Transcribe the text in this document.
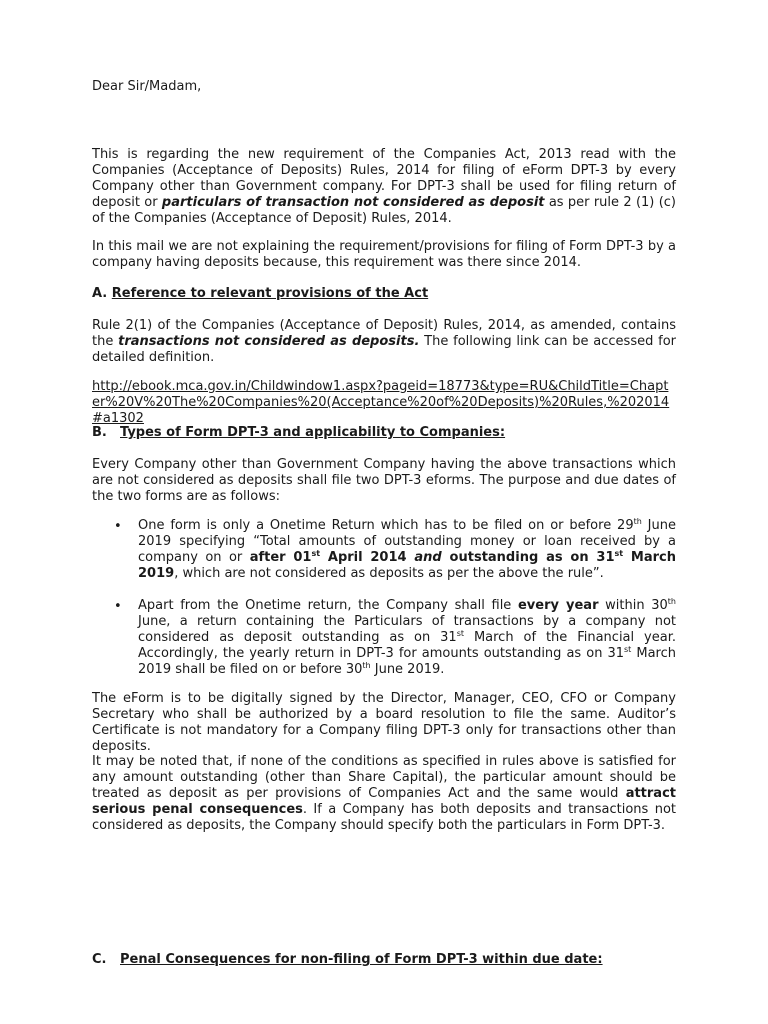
Dear Sir/Madam,

This is regarding the new requirement of the Companies Act, 2013 read with the Companies (Acceptance of Deposits) Rules, 2014 for filing of eForm DPT-3 by every Company other than Government company. For DPT-3 shall be used for filing return of deposit or particulars of transaction not considered as deposit as per rule 2 (1) (c) of the Companies (Acceptance of Deposit) Rules, 2014.

In this mail we are not explaining the requirement/provisions for filing of Form DPT-3 by a company having deposits because, this requirement was there since 2014.

A. Reference to relevant provisions of the Act

Rule 2(1) of the Companies (Acceptance of Deposit) Rules, 2014, as amended, contains the transactions not considered as deposits. The following link can be accessed for detailed definition.

http://ebook.mca.gov.in/Childwindow1.aspx?pageid=18773&type=RU&ChildTitle=Chapter%20V%20The%20Companies%20(Acceptance%20of%20Deposits)%20Rules,%202014#a1302

B. Types of Form DPT-3 and applicability to Companies:

Every Company other than Government Company having the above transactions which are not considered as deposits shall file two DPT-3 eforms. The purpose and due dates of the two forms are as follows:

• One form is only a Onetime Return which has to be filed on or before 29th June 2019 specifying “Total amounts of outstanding money or loan received by a company on or after 01st April 2014 and outstanding as on 31st March 2019, which are not considered as deposits as per the above the rule”.

• Apart from the Onetime return, the Company shall file every year within 30th June, a return containing the Particulars of transactions by a company not considered as deposit outstanding as on 31st March of the Financial year. Accordingly, the yearly return in DPT-3 for amounts outstanding as on 31st March 2019 shall be filed on or before 30th June 2019.

The eForm is to be digitally signed by the Director, Manager, CEO, CFO or Company Secretary who shall be authorized by a board resolution to file the same. Auditor’s Certificate is not mandatory for a Company filing DPT-3 only for transactions other than deposits.

It may be noted that, if none of the conditions as specified in rules above is satisfied for any amount outstanding (other than Share Capital), the particular amount should be treated as deposit as per provisions of Companies Act and the same would attract serious penal consequences. If a Company has both deposits and transactions not considered as deposits, the Company should specify both the particulars in Form DPT-3.

C. Penal Consequences for non-filing of Form DPT-3 within due date:
